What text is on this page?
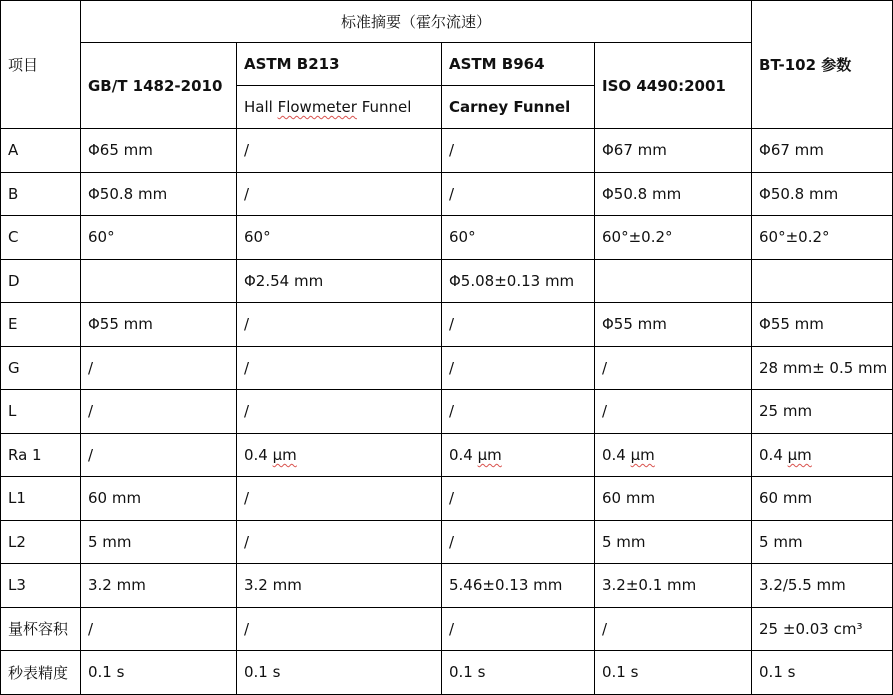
项目	标准摘要（霍尔流速）				BT-102 参数
	GB/T 1482-2010	ASTM B213	ASTM B964	ISO 4490:2001	
		Hall Flowmeter Funnel	Carney Funnel		
A	Φ65 mm	/	/	Φ67 mm	Φ67 mm
B	Φ50.8 mm	/	/	Φ50.8 mm	Φ50.8 mm
C	60°	60°	60°	60°±0.2°	60°±0.2°
D		Φ2.54 mm	Φ5.08±0.13 mm		
E	Φ55 mm	/	/	Φ55 mm	Φ55 mm
G	/	/	/	/	28 mm± 0.5 mm
L	/	/	/	/	25 mm
Ra 1	/	0.4 μm	0.4 μm	0.4 μm	0.4 μm
L1	60 mm	/	/	60 mm	60 mm
L2	5 mm	/	/	5 mm	5 mm
L3	3.2 mm	3.2 mm	5.46±0.13 mm	3.2±0.1 mm	3.2/5.5 mm
量杯容积	/	/	/	/	25 ±0.03 cm³
秒表精度	0.1 s	0.1 s	0.1 s	0.1 s	0.1 s
